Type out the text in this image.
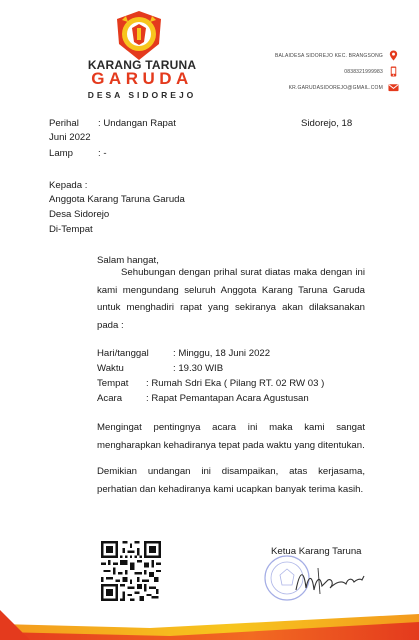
KARANG TARUNA
GARUDA
DESA SIDOREJO
BALAIDESA SIDOREJO KEC. BRANGSONG
0838321999983
KR.GARUDASIDOREJO@GMAIL.COM
Perihal : Undangan Rapat	Sidorejo, 18
Juni 2022
Lamp	: -
Kepada :
Anggota Karang Taruna Garuda
Desa Sidorejo
Di-Tempat
Salam hangat,
Sehubungan dengan prihal surat diatas maka dengan ini kami mengundang seluruh Anggota Karang Taruna Garuda untuk menghadiri rapat yang sekiranya akan dilaksanakan pada :
Hari/tanggal	: Minggu, 18 Juni 2022
Waktu	: 19.30 WIB
Tempat : Rumah Sdri Eka ( Pilang RT. 02 RW 03 )
Acara : Rapat Pemantapan Acara Agustusan
Mengingat pentingnya acara ini maka kami sangat mengharapkan kehadiranya tepat pada waktu yang ditentukan.
Demikian undangan ini disampaikan, atas kerjasama, perhatian dan kehadiranya kami ucapkan banyak terima kasih.
Ketua Karang Taruna
